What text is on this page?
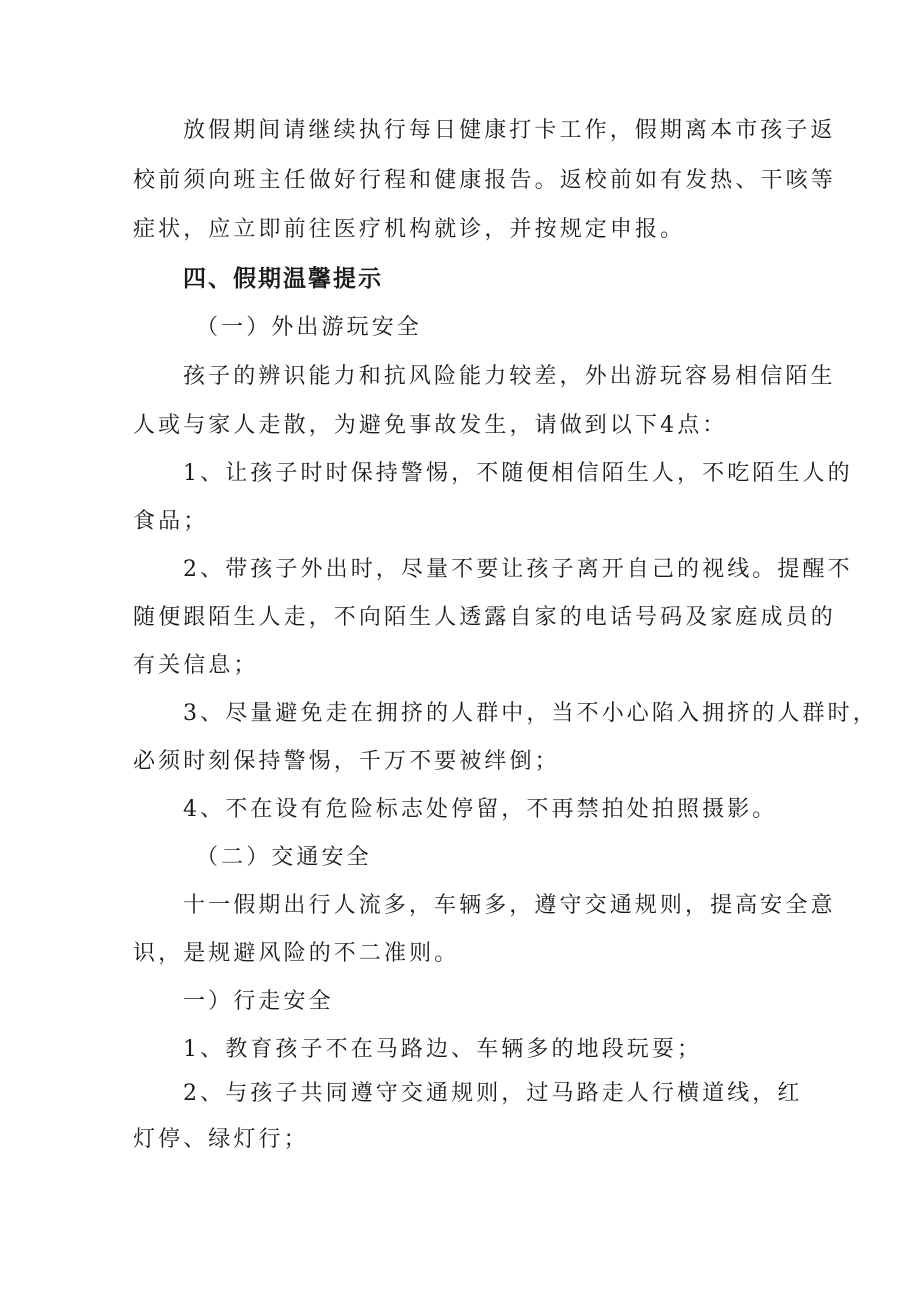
放假期间请继续执行每日健康打卡工作，假期离本市孩子返
校前须向班主任做好行程和健康报告。返校前如有发热、干咳等
症状，应立即前往医疗机构就诊，并按规定申报。
四、假期温馨提示
（一）外出游玩安全
孩子的辨识能力和抗风险能力较差，外出游玩容易相信陌生
人或与家人走散，为避免事故发生，请做到以下4点：
1、让孩子时时保持警惕，不随便相信陌生人，不吃陌生人的
食品；
2、带孩子外出时，尽量不要让孩子离开自己的视线。提醒不
随便跟陌生人走，不向陌生人透露自家的电话号码及家庭成员的
有关信息；
3、尽量避免走在拥挤的人群中，当不小心陷入拥挤的人群时，
必须时刻保持警惕，千万不要被绊倒；
4、不在设有危险标志处停留，不再禁拍处拍照摄影。
（二）交通安全
十一假期出行人流多，车辆多，遵守交通规则，提高安全意
识，是规避风险的不二准则。
一）行走安全
1、教育孩子不在马路边、车辆多的地段玩耍；
2、与孩子共同遵守交通规则，过马路走人行横道线，红
灯停、绿灯行；
